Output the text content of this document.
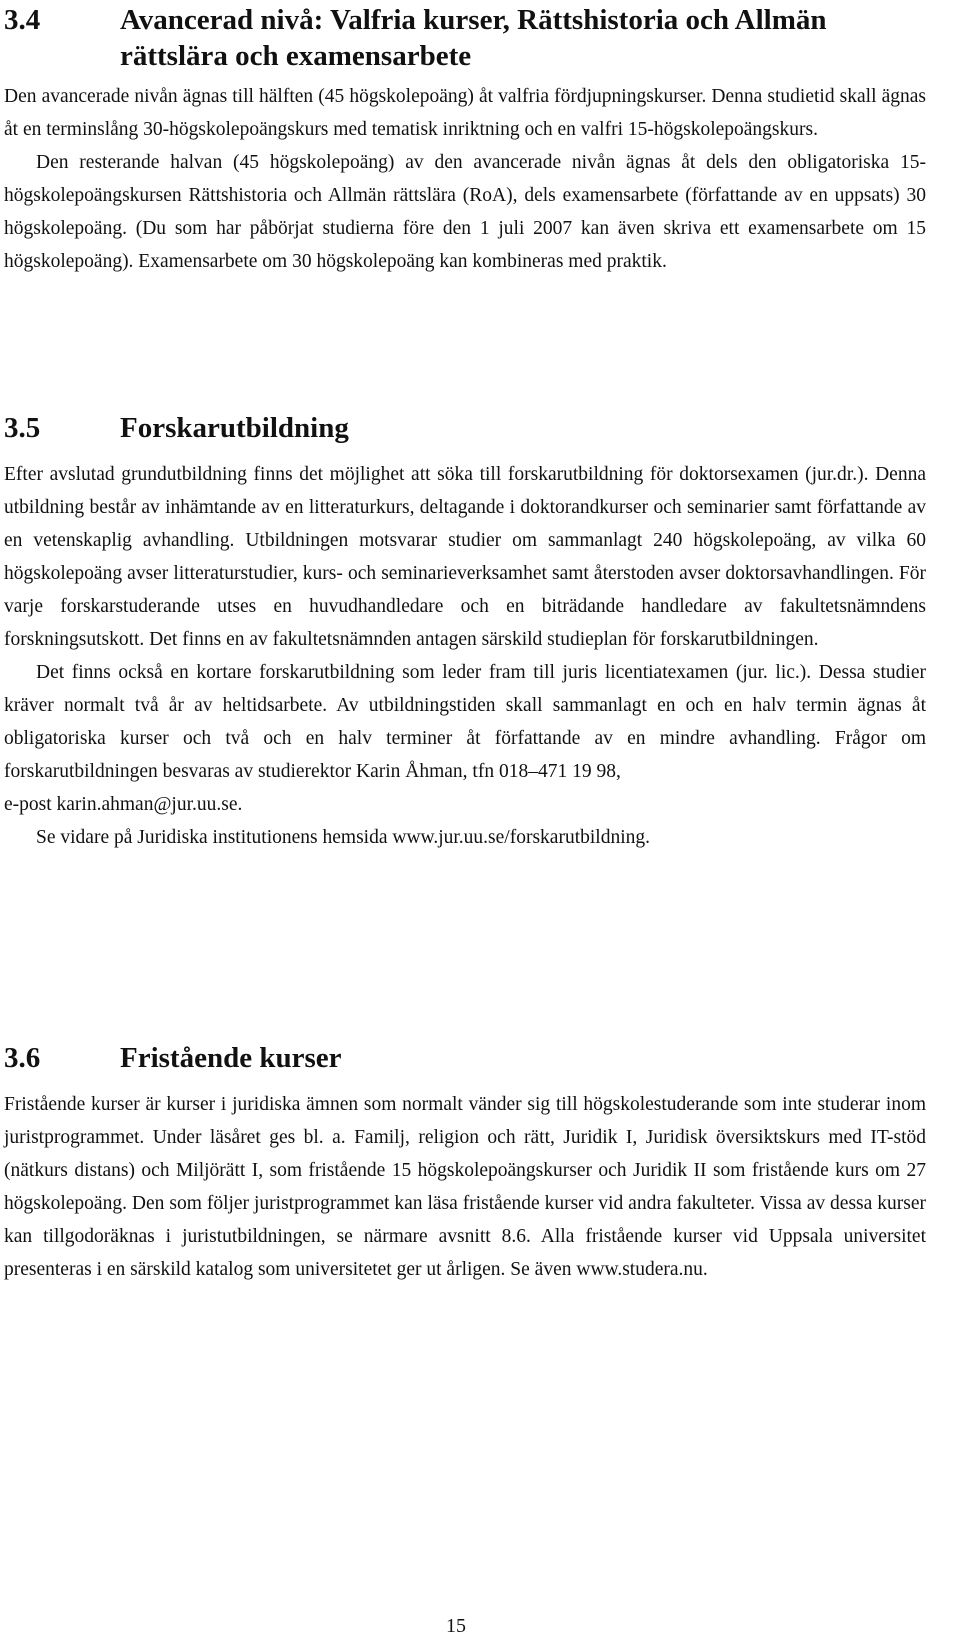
3.4	Avancerad nivå: Valfria kurser, Rättshistoria och Allmän rättslära och examensarbete

Den avancerade nivån ägnas till hälften (45 högskolepoäng) åt valfria fördjupningskurser. Denna studietid skall ägnas åt en terminslång 30-högskolepoängskurs med tematisk inriktning och en valfri 15-högskolepoängskurs.

Den resterande halvan (45 högskolepoäng) av den avancerade nivån ägnas åt dels den obligatoriska 15-högskolepoängskursen Rättshistoria och Allmän rättslära (RoA), dels examensarbete (författande av en uppsats) 30 högskolepoäng. (Du som har påbörjat studierna före den 1 juli 2007 kan även skriva ett examensarbete om 15 högskolepoäng). Examensarbete om 30 högskolepoäng kan kombineras med praktik.

3.5	Forskarutbildning

Efter avslutad grundutbildning finns det möjlighet att söka till forskarutbildning för doktorsexamen (jur.dr.). Denna utbildning består av inhämtande av en litteraturkurs, deltagande i doktorandkurser och seminarier samt författande av en vetenskaplig avhandling. Utbildningen motsvarar studier om sammanlagt 240 högskolepoäng, av vilka 60 högskolepoäng avser litteraturstudier, kurs- och seminarieverksamhet samt återstoden avser doktorsavhandlingen. För varje forskarstuderande utses en huvudhandledare och en biträdande handledare av fakultetsnämndens forskningsutskott. Det finns en av fakultetsnämnden antagen särskild studieplan för forskarutbildningen.

Det finns också en kortare forskarutbildning som leder fram till juris licentiatexamen (jur. lic.). Dessa studier kräver normalt två år av heltidsarbete. Av utbildningstiden skall sammanlagt en och en halv termin ägnas åt obligatoriska kurser och två och en halv terminer åt författande av en mindre avhandling. Frågor om forskarutbildningen besvaras av studierektor Karin Åhman, tfn 018–471 19 98,

e-post karin.ahman@jur.uu.se.

Se vidare på Juridiska institutionens hemsida www.jur.uu.se/forskarutbildning.

3.6	Fristående kurser

Fristående kurser är kurser i juridiska ämnen som normalt vänder sig till högskolestuderande som inte studerar inom juristprogrammet. Under läsåret ges bl. a. Familj, religion och rätt, Juridik I, Juridisk översiktskurs med IT-stöd (nätkurs distans) och Miljörätt I, som fristående 15 högskolepoängskurser och Juridik II som fristående kurs om 27 högskolepoäng. Den som följer juristprogrammet kan läsa fristående kurser vid andra fakulteter. Vissa av dessa kurser kan tillgodoräknas i juristutbildningen, se närmare avsnitt 8.6. Alla fristående kurser vid Uppsala universitet presenteras i en särskild katalog som universitetet ger ut årligen. Se även www.studera.nu.

15
